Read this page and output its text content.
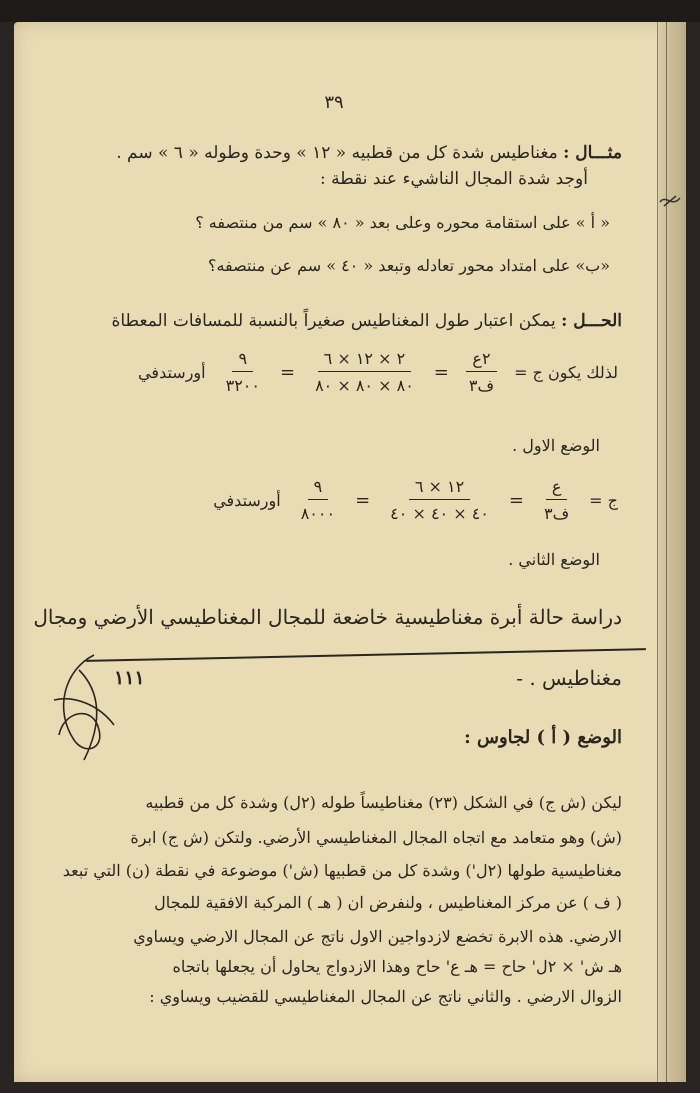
٣٩
مثـــال : مغناطيس شدة كل من قطبيه « ١٢ » وحدة وطوله « ٦ » سم .
أوجد شدة المجال الناشيء عند نقطة :
« أ » على استقامة محوره وعلى بعد « ٨٠ » سم من منتصفه ؟
«ب» على امتداد محور تعادله وتبعد « ٤٠ » سم عن منتصفه؟
الحـــل : يمكن اعتبار طول المغناطيس صغيراً بالنسبة للمسافات المعطاة
لذلك يكون ج =
$\frac{\text{٢ع}}{\text{ف٣}}$
=
$\frac{٢ \times ١٢ \times ٦}{٨٠ \times ٨٠ \times ٨٠}$
=
$\frac{٩}{٣٢٠٠}$
أورستدفي
الوضع الاول .
ج =
$\frac{\text{ع}}{\text{ف٣}}$
=
$\frac{١٢ \times ٦}{٤٠ \times ٤٠ \times ٤٠}$
=
$\frac{٩}{٨٠٠٠}$
أورستدفي
الوضع الثاني .
دراسة حالة أبرة مغناطيسية خاضعة للمجال المغناطيسي الأرضي ومجال
مغناطيس . -
١١١
الوضع ( أ ) لجاوس :
ليكن (ش ج) في الشكل (٢٣) مغناطيساً طوله (٢ل) وشدة كل من قطبيه
(ش) وهو متعامد مع اتجاه المجال المغناطيسي الأرضي. ولتكن (ش ج) ابرة
مغناطيسية طولها (٢ل') وشدة كل من قطبيها (ش') موضوعة في نقطة (ن) التي تبعد
( ف ) عن مركز المغناطيس ، ولنفرض ان ( هـ ) المركبة الافقية للمجال
الارضي. هذه الابرة تخضع لازدواجين الاول ناتج عن المجال الارضي ويساوي
هـ ش' × ٢ل' حاح = هـ ع' حاح وهذا الازدواج يحاول أن يجعلها باتجاه
الزوال الارضي . والثاني ناتج عن المجال المغناطيسي للقضيب ويساوي :
